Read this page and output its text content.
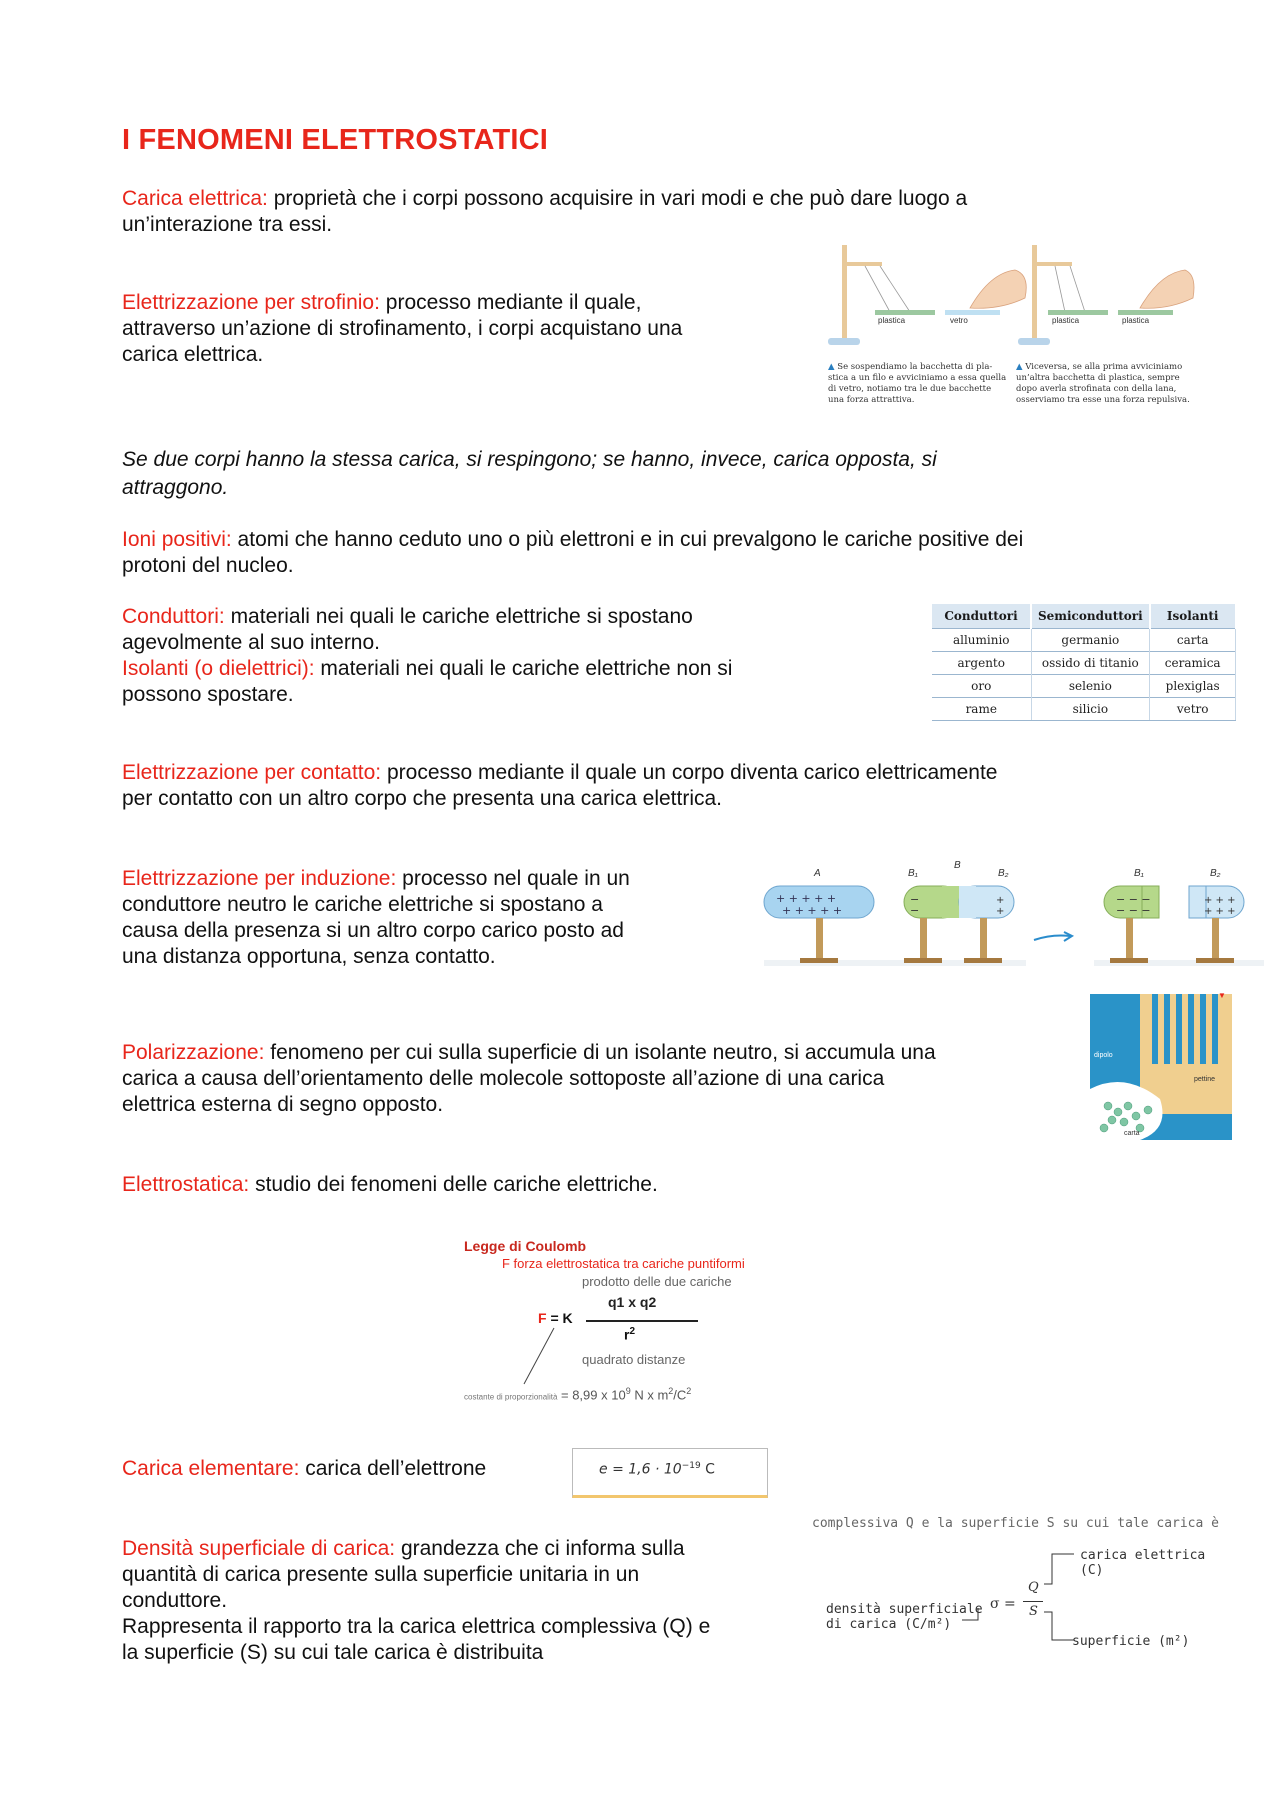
I FENOMENI ELETTROSTATICI
Carica elettrica: proprietà che i corpi possono acquisire in vari modi e che può dare luogo a
un’interazione tra essi.
Elettrizzazione per strofinio: processo mediante il quale,
attraverso un’azione di strofinamento, i corpi acquistano una
carica elettrica.
plastica	vetro	plastica	plastica
▲ Se sospendiamo la bacchetta di pla-
stica a un filo e avviciniamo a essa quella
di vetro, notiamo tra le due bacchette
una forza attrattiva.
▲ Viceversa, se alla prima avviciniamo
un’altra bacchetta di plastica, sempre
dopo averla strofinata con della lana,
osserviamo tra esse una forza repulsiva.
Se due corpi hanno la stessa carica, si respingono; se hanno, invece, carica opposta, si
attraggono.
Ioni positivi: atomi che hanno ceduto uno o più elettroni e in cui prevalgono le cariche positive dei
protoni del nucleo.
Conduttori: materiali nei quali le cariche elettriche si spostano
agevolmente al suo interno.
Isolanti (o dielettrici): materiali nei quali le cariche elettriche non si
possono spostare.
Conduttori	Semiconduttori	Isolanti
alluminio	germanio	carta
argento	ossido di titanio	ceramica
oro	selenio	plexiglas
rame	silicio	vetro
Elettrizzazione per contatto: processo mediante il quale un corpo diventa carico elettricamente
per contatto con un altro corpo che presenta una carica elettrica.
Elettrizzazione per induzione: processo nel quale in un
conduttore neutro le cariche elettriche si spostano a
causa della presenza si un altro corpo carico posto ad
una distanza opportuna, senza contatto.
+ + + + +
+ + + + +
−
−
+
+
− − −
− − −
+ + +
+ + +
A	B₁
B
B₂	B₁	B₂
Polarizzazione: fenomeno per cui sulla superficie di un isolante neutro, si accumula una
carica a causa dell’orientamento delle molecole sottoposte all’azione di una carica
elettrica esterna di segno opposto.
▼
dipolo
pettine
carta
Elettrostatica: studio dei fenomeni delle cariche elettriche.
Legge di Coulomb
F forza elettrostatica tra cariche puntiformi
prodotto delle due cariche
q1 x q2
F = K
$r^2$
quadrato distanze
costante di proporzionalità = 8,99 x $10^9$ N x $m^2/C^2$
Carica elementare: carica dell’elettrone	$e = 1,6 \cdot 10^{-19}$ C
Densità superficiale di carica: grandezza che ci informa sulla
quantità di carica presente sulla superficie unitaria in un
conduttore.
Rappresenta il rapporto tra la carica elettrica complessiva (Q) e
la superficie (S) su cui tale carica è distribuita
complessiva Q e la superficie S su cui tale carica è
carica elettrica (C)
densità superficiale
di carica (C/m²)
σ =
Q
S
superficie (m²)
